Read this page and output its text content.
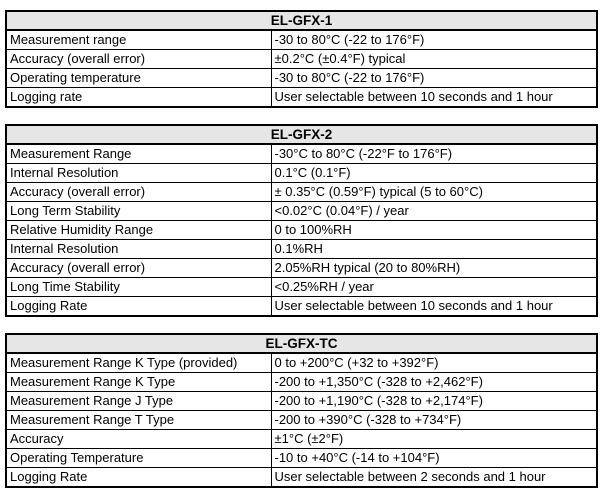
EL-GFX-1	
Measurement range	-30 to 80°C (-22 to 176°F)
Accuracy (overall error)	±0.2°C (±0.4°F) typical
Operating temperature	-30 to 80°C (-22 to 176°F)
Logging rate	User selectable between 10 seconds and 1 hour
EL-GFX-2	
Measurement Range	-30°C to 80°C (-22°F to 176°F)
Internal Resolution	0.1°C (0.1°F)
Accuracy (overall error)	± 0.35°C (0.59°F) typical (5 to 60°C)
Long Term Stability	<0.02°C (0.04°F) / year
Relative Humidity Range	0 to 100%RH
Internal Resolution	0.1%RH
Accuracy (overall error)	2.05%RH typical (20 to 80%RH)
Long Time Stability	<0.25%RH / year
Logging Rate	User selectable between 10 seconds and 1 hour
EL-GFX-TC	
Measurement Range K Type (provided)	0 to +200°C (+32 to +392°F)
Measurement Range K Type	-200 to +1,350°C (-328 to +2,462°F)
Measurement Range J Type	-200 to +1,190°C (-328 to +2,174°F)
Measurement Range T Type	-200 to +390°C (-328 to +734°F)
Accuracy	±1°C (±2°F)
Operating Temperature	-10 to +40°C (-14 to +104°F)
Logging Rate	User selectable between 2 seconds and 1 hour
